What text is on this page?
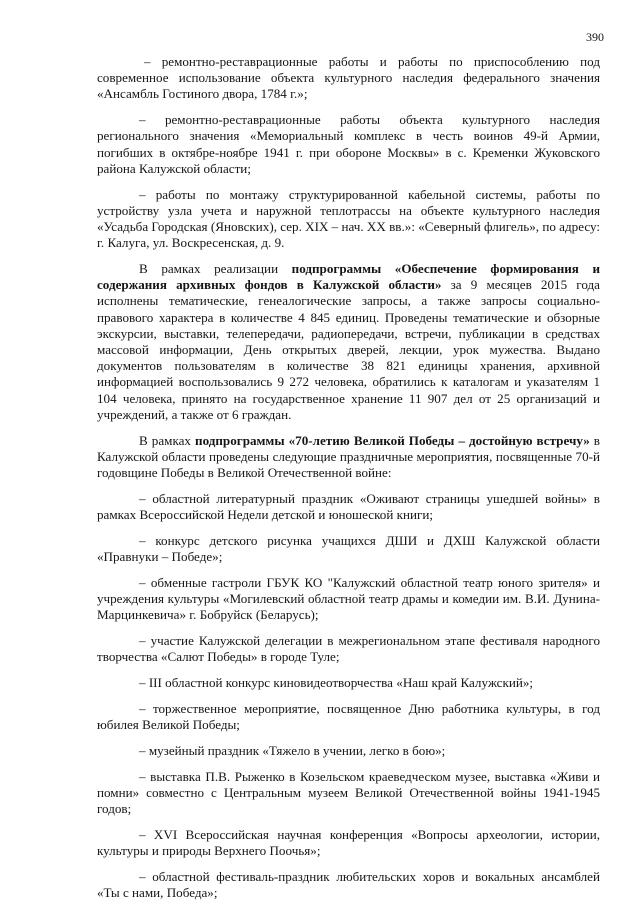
390

– ремонтно-реставрационные работы и работы по приспособлению под современное использование объекта культурного наследия федерального значения «Ансамбль Гостиного двора, 1784 г.»;

– ремонтно-реставрационные работы объекта культурного наследия регионального значения «Мемориальный комплекс в честь воинов 49-й Армии, погибших в октябре-ноябре 1941 г. при обороне Москвы» в с. Кременки Жуковского района Калужской области;

– работы по монтажу структурированной кабельной системы, работы по устройству узла учета и наружной теплотрассы на объекте культурного наследия «Усадьба Городская (Яновских), сер. XIX – нач. XX вв.»: «Северный флигель», по адресу: г. Калуга, ул. Воскресенская, д. 9.

В рамках реализации подпрограммы «Обеспечение формирования и содержания архивных фондов в Калужской области» за 9 месяцев 2015 года исполнены тематические, генеалогические запросы, а также запросы социально-правового характера в количестве 4 845 единиц. Проведены тематические и обзорные экскурсии, выставки, телепередачи, радиопередачи, встречи, публикации в средствах массовой информации, День открытых дверей, лекции, урок мужества. Выдано документов пользователям в количестве 38 821 единицы хранения, архивной информацией воспользовались 9 272 человека, обратились к каталогам и указателям 1 104 человека, принято на государственное хранение 11 907 дел от 25 организаций и учреждений, а также от 6 граждан.

В рамках подпрограммы «70-летию Великой Победы – достойную встречу» в Калужской области проведены следующие праздничные мероприятия, посвященные 70-й годовщине Победы в Великой Отечественной войне:

– областной литературный праздник «Оживают страницы ушедшей войны» в рамках Всероссийской Недели детской и юношеской книги;

– конкурс детского рисунка учащихся ДШИ и ДХШ Калужской области «Правнуки – Победе»;

– обменные гастроли ГБУК КО "Калужский областной театр юного зрителя» и учреждения культуры «Могилевский областной театр драмы и комедии им. В.И. Дунина-Марцинкевича» г. Бобруйск (Беларусь);

– участие Калужской делегации в межрегиональном этапе фестиваля народного творчества «Салют Победы» в городе Туле;

– III областной конкурс киновидеотворчества «Наш край Калужский»;

– торжественное мероприятие, посвященное Дню работника культуры, в год юбилея Великой Победы;

– музейный праздник «Тяжело в учении, легко в бою»;

– выставка П.В. Рыженко в Козельском краеведческом музее, выставка «Живи и помни» совместно с Центральным музеем Великой Отечественной войны 1941-1945 годов;

– XVI Всероссийская научная конференция «Вопросы археологии, истории, культуры и природы Верхнего Поочья»;

– областной фестиваль-праздник любительских хоров и вокальных ансамблей «Ты с нами, Победа»;
